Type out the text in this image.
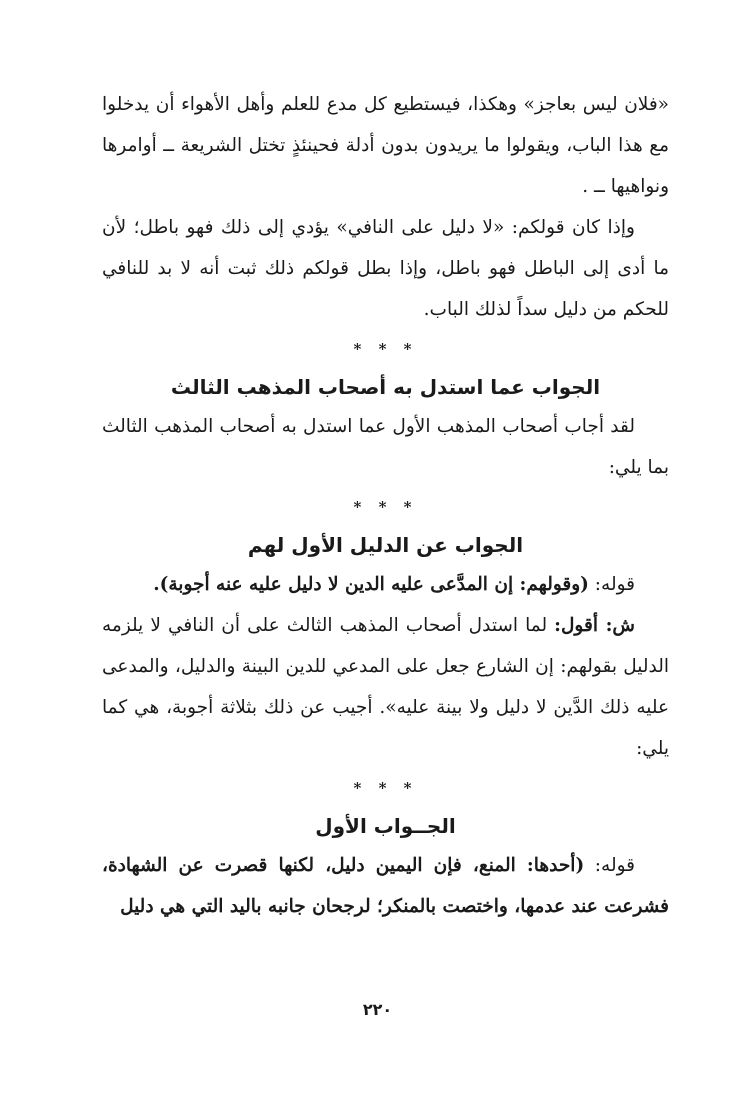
«فلان ليس بعاجز» وهكذا، فيستطيع كل مدع للعلم وأهل الأهواء أن يدخلوا مع هذا الباب، ويقولوا ما يريدون بدون أدلة فحينئذٍ تختل الشريعة ــ أوامرها ونواهيها ــ .

وإذا كان قولكم: «لا دليل على النافي» يؤدي إلى ذلك فهو باطل؛ لأن ما أدى إلى الباطل فهو باطل، وإذا بطل قولكم ذلك ثبت أنه لا بد للنافي للحكم من دليل سداً لذلك الباب.

* * *
الجواب عما استدل به أصحاب المذهب الثالث

لقد أجاب أصحاب المذهب الأول عما استدل به أصحاب المذهب الثالث بما يلي:

* * *
الجواب عن الدليل الأول لهم

قوله: (وقولهم: إن المدَّعى عليه الدين لا دليل عليه عنه أجوبة).

ش: أقول: لما استدل أصحاب المذهب الثالث على أن النافي لا يلزمه الدليل بقولهم: إن الشارع جعل على المدعي للدين البينة والدليل، والمدعى عليه ذلك الدَّين لا دليل ولا بينة عليه». أجيب عن ذلك بثلاثة أجوبة، هي كما يلي:

* * *
الجــواب الأول

قوله: (أحدها: المنع، فإن اليمين دليل، لكنها قصرت عن الشهادة، فشرعت عند عدمها، واختصت بالمنكر؛ لرجحان جانبه باليد التي هي دليل

٢٢٠
